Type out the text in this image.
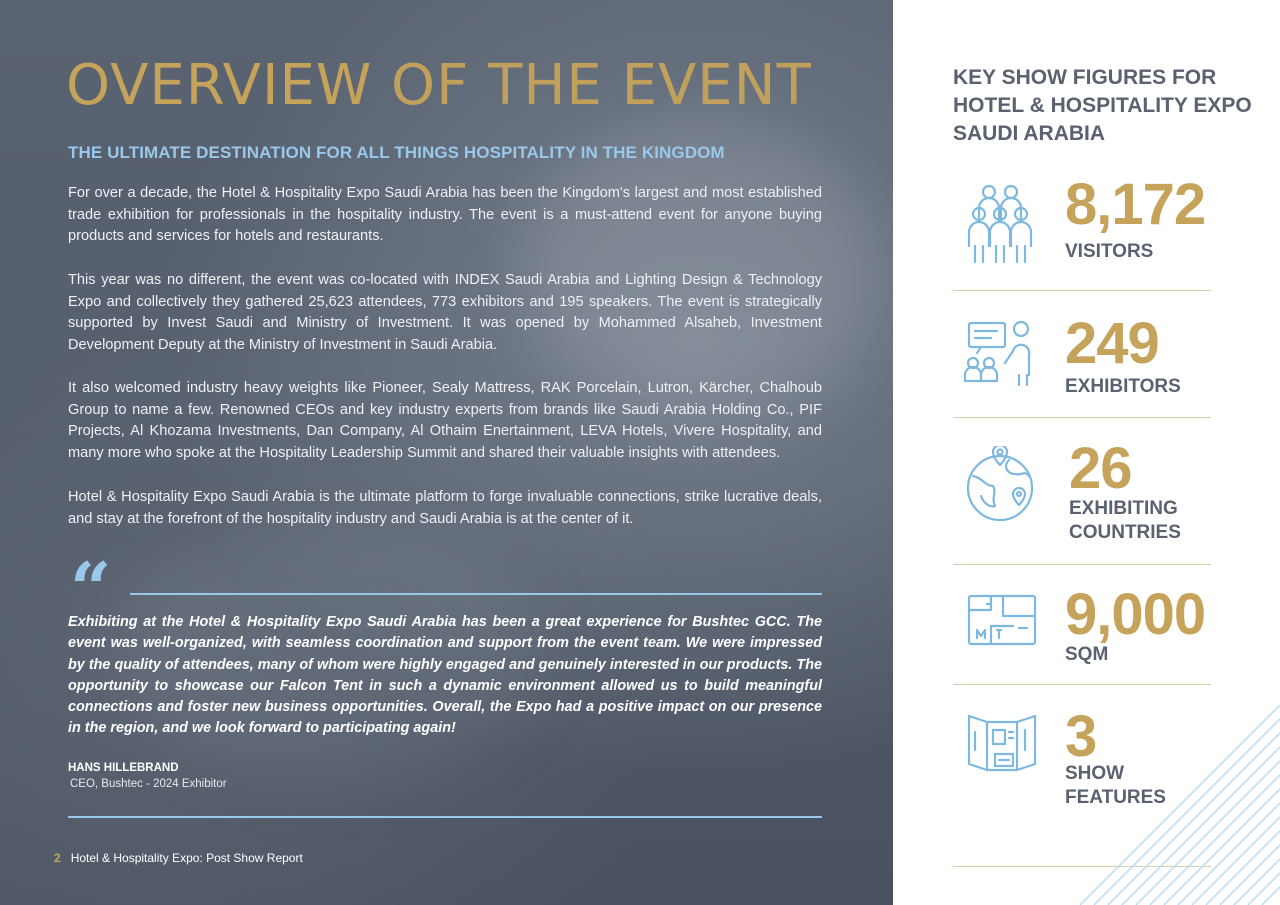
OVERVIEW OF THE EVENT
THE ULTIMATE DESTINATION FOR ALL THINGS HOSPITALITY IN THE KINGDOM

For over a decade, the Hotel & Hospitality Expo Saudi Arabia has been the Kingdom's largest and most established trade exhibition for professionals in the hospitality industry. The event is a must-attend event for anyone buying products and services for hotels and restaurants.

This year was no different, the event was co-located with INDEX Saudi Arabia and Lighting Design & Technology Expo and collectively they gathered 25,623 attendees, 773 exhibitors and 195 speakers. The event is strategically supported by Invest Saudi and Ministry of Investment. It was opened by Mohammed Alsaheb, Investment Development Deputy at the Ministry of Investment in Saudi Arabia.

It also welcomed industry heavy weights like Pioneer, Sealy Mattress, RAK Porcelain, Lutron, Kärcher, Chalhoub Group to name a few. Renowned CEOs and key industry experts from brands like Saudi Arabia Holding Co., PIF Projects, Al Khozama Investments, Dan Company, Al Othaim Enertainment, LEVA Hotels, Vivere Hospitality, and many more who spoke at the Hospitality Leadership Summit and shared their valuable insights with attendees.

Hotel & Hospitality Expo Saudi Arabia is the ultimate platform to forge invaluable connections, strike lucrative deals, and stay at the forefront of the hospitality industry and Saudi Arabia is at the center of it.

“

Exhibiting at the Hotel & Hospitality Expo Saudi Arabia has been a great experience for Bushtec GCC. The event was well-organized, with seamless coordination and support from the event team. We were impressed by the quality of attendees, many of whom were highly engaged and genuinely interested in our products. The opportunity to showcase our Falcon Tent in such a dynamic environment allowed us to build meaningful connections and foster new business opportunities. Overall, the Expo had a positive impact on our presence in the region, and we look forward to participating again!

HANS HILLEBRAND
CEO, Bushtec - 2024 Exhibitor
2 Hotel & Hospitality Expo: Post Show Report
KEY SHOW FIGURES FOR HOTEL & HOSPITALITY EXPO SAUDI ARABIA
8,172
VISITORS
249
EXHIBITORS
26
EXHIBITING
COUNTRIES
9,000
SQM
3
SHOW
FEATURES
